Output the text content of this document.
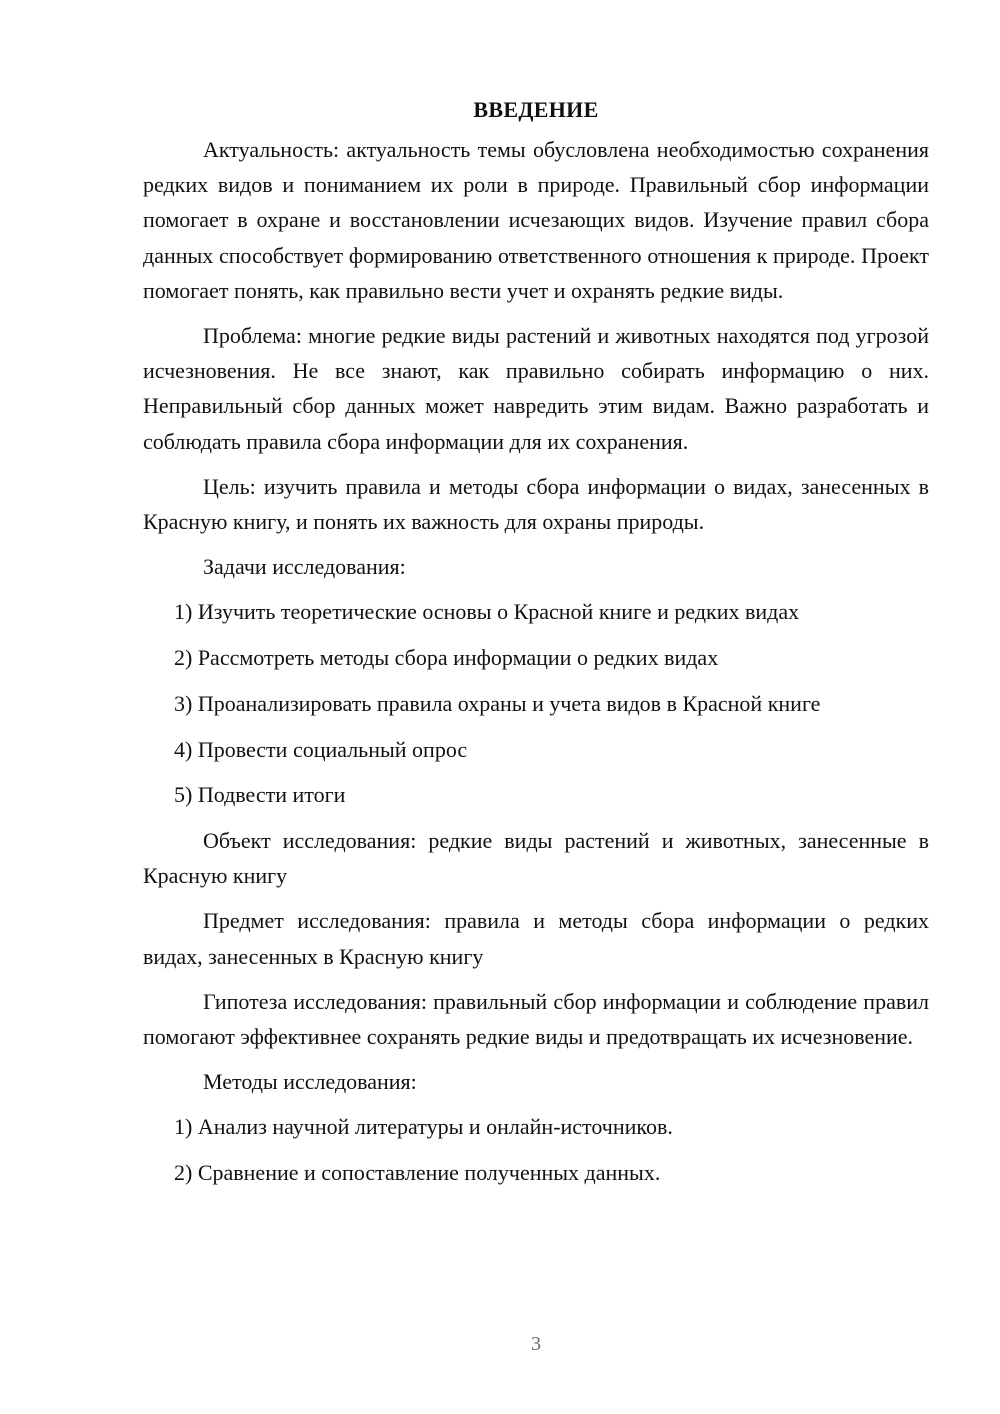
ВВЕДЕНИЕ

Актуальность: актуальность темы обусловлена необходимостью сохранения редких видов и пониманием их роли в природе. Правильный сбор информации помогает в охране и восстановлении исчезающих видов. Изучение правил сбора данных способствует формированию ответственного отношения к природе. Проект помогает понять, как правильно вести учет и охранять редкие виды.

Проблема: многие редкие виды растений и животных находятся под угрозой исчезновения. Не все знают, как правильно собирать информацию о них. Неправильный сбор данных может навредить этим видам. Важно разработать и соблюдать правила сбора информации для их сохранения.

Цель: изучить правила и методы сбора информации о видах, занесенных в Красную книгу, и понять их важность для охраны природы.

Задачи исследования:

1) Изучить теоретические основы о Красной книге и редких видах
2) Рассмотреть методы сбора информации о редких видах
3) Проанализировать правила охраны и учета видов в Красной книге
4) Провести социальный опрос
5) Подвести итоги

Объект исследования: редкие виды растений и животных, занесенные в Красную книгу

Предмет исследования: правила и методы сбора информации о редких видах, занесенных в Красную книгу

Гипотеза исследования: правильный сбор информации и соблюдение правил помогают эффективнее сохранять редкие виды и предотвращать их исчезновение.

Методы исследования:

1) Анализ научной литературы и онлайн-источников.
2) Сравнение и сопоставление полученных данных.
3
